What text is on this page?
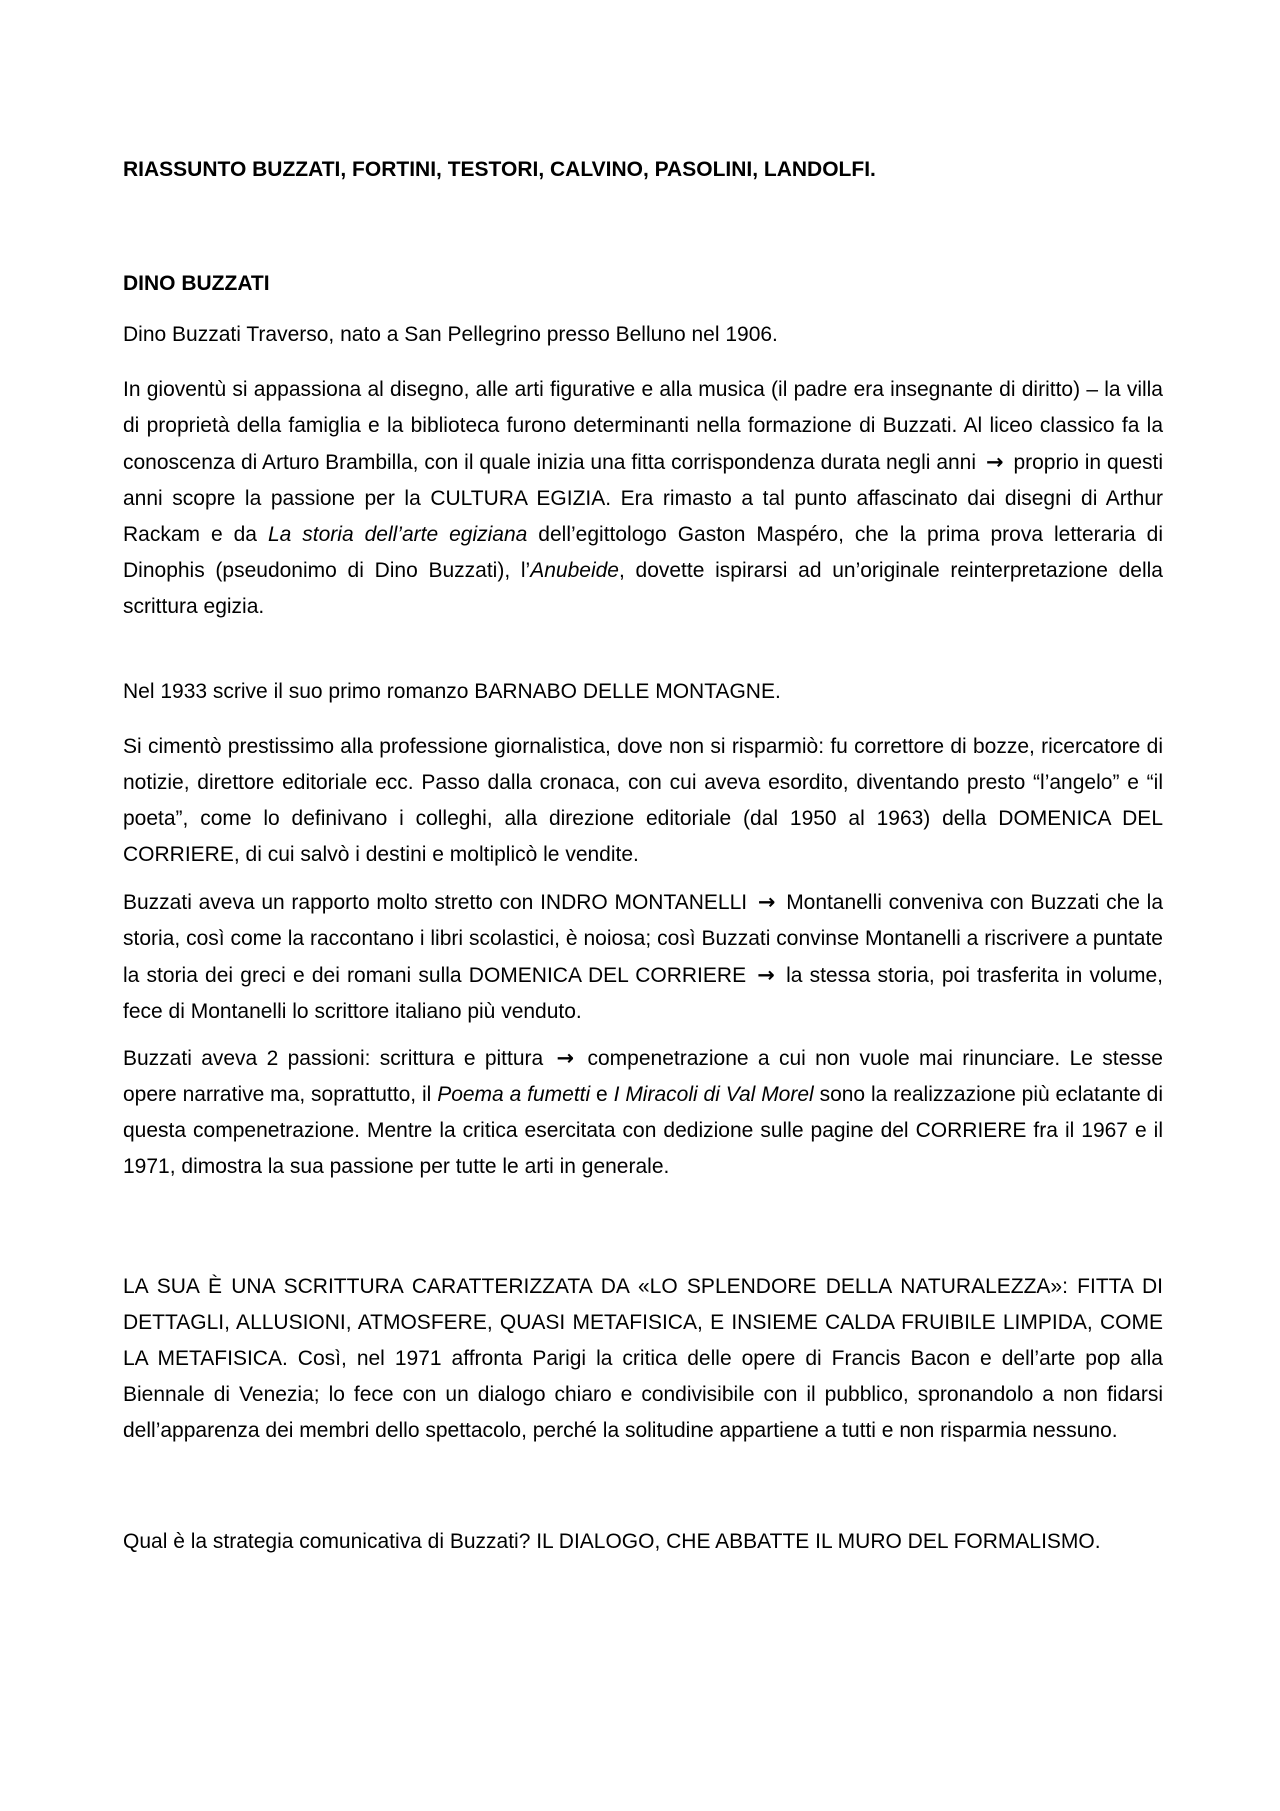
RIASSUNTO BUZZATI, FORTINI, TESTORI, CALVINO, PASOLINI, LANDOLFI.

DINO BUZZATI

Dino Buzzati Traverso, nato a San Pellegrino presso Belluno nel 1906.

In gioventù si appassiona al disegno, alle arti figurative e alla musica (il padre era insegnante di diritto) – la villa di proprietà della famiglia e la biblioteca furono determinanti nella formazione di Buzzati. Al liceo classico fa la conoscenza di Arturo Brambilla, con il quale inizia una fitta corrispondenza durata negli anni → proprio in questi anni scopre la passione per la CULTURA EGIZIA. Era rimasto a tal punto affascinato dai disegni di Arthur Rackam e da La storia dell’arte egiziana dell’egittologo Gaston Maspéro, che la prima prova letteraria di Dinophis (pseudonimo di Dino Buzzati), l’Anubeide, dovette ispirarsi ad un’originale reinterpretazione della scrittura egizia.

Nel 1933 scrive il suo primo romanzo BARNABO DELLE MONTAGNE.

Si cimentò prestissimo alla professione giornalistica, dove non si risparmiò: fu correttore di bozze, ricercatore di notizie, direttore editoriale ecc. Passo dalla cronaca, con cui aveva esordito, diventando presto “l’angelo” e “il poeta”, come lo definivano i colleghi, alla direzione editoriale (dal 1950 al 1963) della DOMENICA DEL CORRIERE, di cui salvò i destini e moltiplicò le vendite.

Buzzati aveva un rapporto molto stretto con INDRO MONTANELLI → Montanelli conveniva con Buzzati che la storia, così come la raccontano i libri scolastici, è noiosa; così Buzzati convinse Montanelli a riscrivere a puntate la storia dei greci e dei romani sulla DOMENICA DEL CORRIERE → la stessa storia, poi trasferita in volume, fece di Montanelli lo scrittore italiano più venduto.

Buzzati aveva 2 passioni: scrittura e pittura → compenetrazione a cui non vuole mai rinunciare. Le stesse opere narrative ma, soprattutto, il Poema a fumetti e I Miracoli di Val Morel sono la realizzazione più eclatante di questa compenetrazione. Mentre la critica esercitata con dedizione sulle pagine del CORRIERE fra il 1967 e il 1971, dimostra la sua passione per tutte le arti in generale.

LA SUA È UNA SCRITTURA CARATTERIZZATA DA «LO SPLENDORE DELLA NATURALEZZA»: FITTA DI DETTAGLI, ALLUSIONI, ATMOSFERE, QUASI METAFISICA, E INSIEME CALDA FRUIBILE LIMPIDA, COME LA METAFISICA. Così, nel 1971 affronta Parigi la critica delle opere di Francis Bacon e dell’arte pop alla Biennale di Venezia; lo fece con un dialogo chiaro e condivisibile con il pubblico, spronandolo a non fidarsi dell’apparenza dei membri dello spettacolo, perché la solitudine appartiene a tutti e non risparmia nessuno.

Qual è la strategia comunicativa di Buzzati? IL DIALOGO, CHE ABBATTE IL MURO DEL FORMALISMO.
